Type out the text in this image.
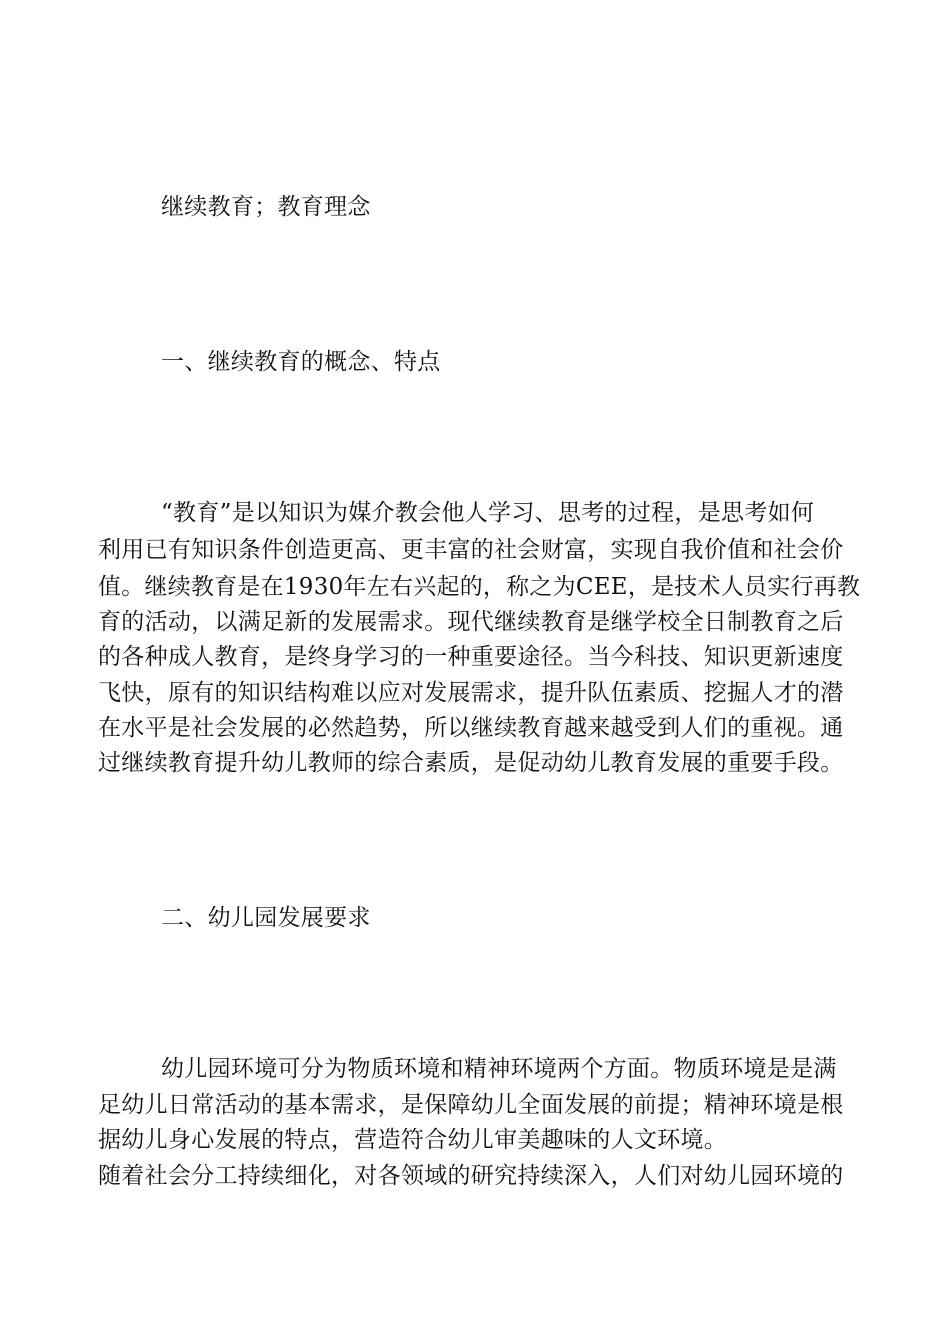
继续教育；教育理念
一、继续教育的概念、特点
“教育”是以知识为媒介教会他人学习、思考的过程，是思考如何
利用已有知识条件创造更高、更丰富的社会财富，实现自我价值和社会价
值。继续教育是在1930年左右兴起的，称之为CEE，是技术人员实行再教
育的活动，以满足新的发展需求。现代继续教育是继学校全日制教育之后
的各种成人教育，是终身学习的一种重要途径。当今科技、知识更新速度
飞快，原有的知识结构难以应对发展需求，提升队伍素质、挖掘人才的潜
在水平是社会发展的必然趋势，所以继续教育越来越受到人们的重视。通
过继续教育提升幼儿教师的综合素质，是促动幼儿教育发展的重要手段。
二、幼儿园发展要求
幼儿园环境可分为物质环境和精神环境两个方面。物质环境是是满
足幼儿日常活动的基本需求，是保障幼儿全面发展的前提；精神环境是根
据幼儿身心发展的特点，营造符合幼儿审美趣味的人文环境。
随着社会分工持续细化，对各领域的研究持续深入，人们对幼儿园环境的
